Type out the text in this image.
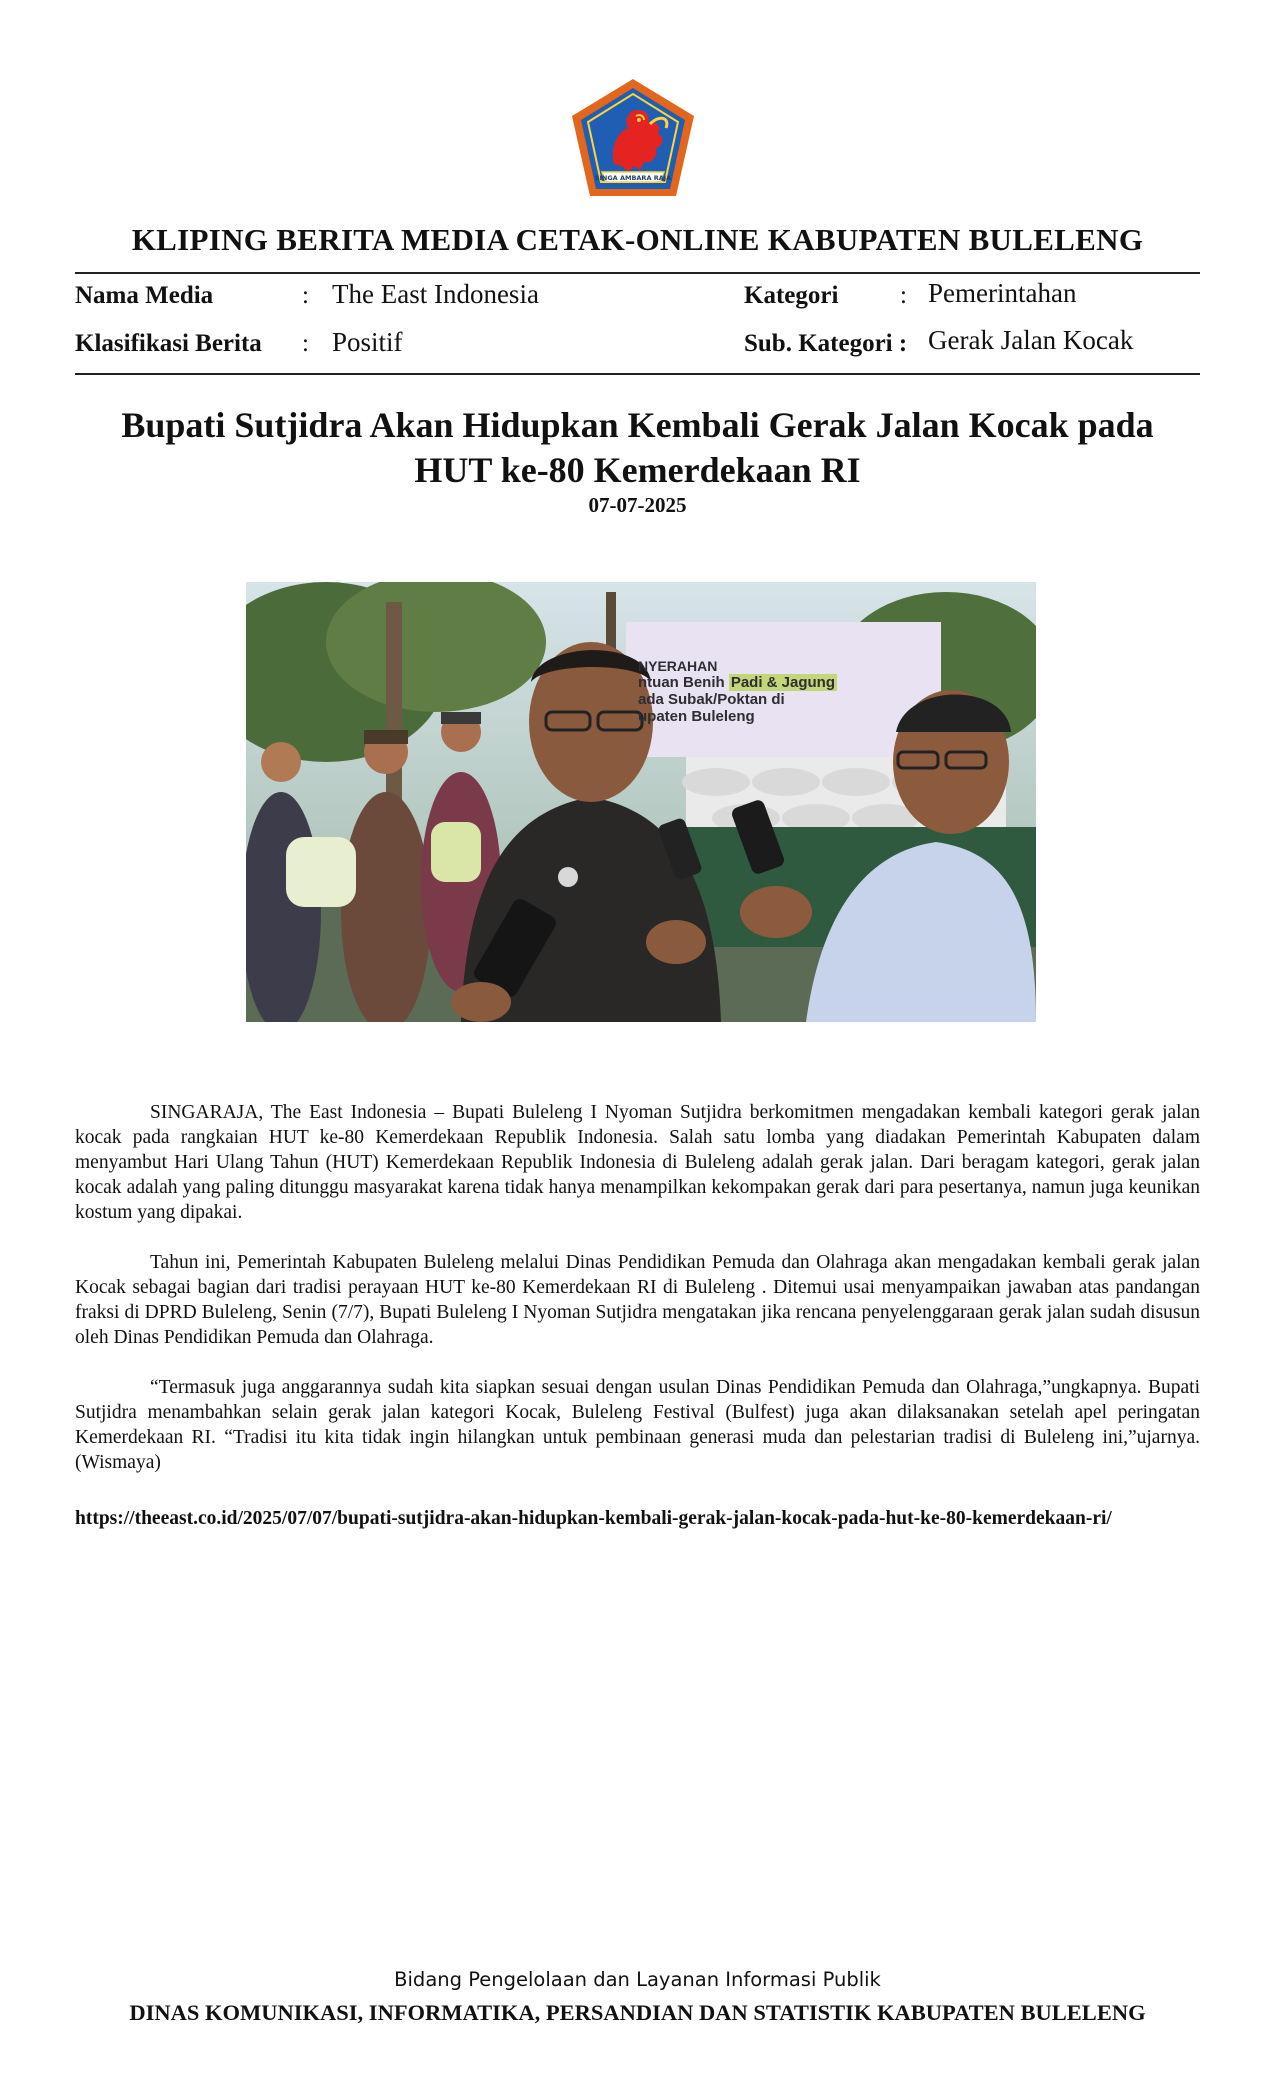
SINGA AMBARA RAJA
KLIPING BERITA MEDIA CETAK-ONLINE KABUPATEN BULELENG
Nama Media	: The East Indonesia
Klasifikasi Berita : Positif
Kategori : Pemerintahan
Sub. Kategori : Gerak Jalan Kocak
Bupati Sutjidra Akan Hidupkan Kembali Gerak Jalan Kocak pada
HUT ke-80 Kemerdekaan RI
07-07-2025
NYERAHAN
ntuan Benih Padi & Jagung
ada Subak/Poktan di
upaten Buleleng

SINGARAJA, The East Indonesia – Bupati Buleleng I Nyoman Sutjidra berkomitmen mengadakan kembali kategori gerak jalan kocak pada rangkaian HUT ke-80 Kemerdekaan Republik Indonesia. Salah satu lomba yang diadakan Pemerintah Kabupaten dalam menyambut Hari Ulang Tahun (HUT) Kemerdekaan Republik Indonesia di Buleleng adalah gerak jalan. Dari beragam kategori, gerak jalan kocak adalah yang paling ditunggu masyarakat karena tidak hanya menampilkan kekompakan gerak dari para pesertanya, namun juga keunikan kostum yang dipakai.

Tahun ini, Pemerintah Kabupaten Buleleng melalui Dinas Pendidikan Pemuda dan Olahraga akan mengadakan kembali gerak jalan Kocak sebagai bagian dari tradisi perayaan HUT ke-80 Kemerdekaan RI di Buleleng . Ditemui usai menyampaikan jawaban atas pandangan fraksi di DPRD Buleleng, Senin (7/7), Bupati Buleleng I Nyoman Sutjidra mengatakan jika rencana penyelenggaraan gerak jalan sudah disusun oleh Dinas Pendidikan Pemuda dan Olahraga.

“Termasuk juga anggarannya sudah kita siapkan sesuai dengan usulan Dinas Pendidikan Pemuda dan Olahraga,”ungkapnya. Bupati Sutjidra menambahkan selain gerak jalan kategori Kocak, Buleleng Festival (Bulfest) juga akan dilaksanakan setelah apel peringatan Kemerdekaan RI. “Tradisi itu kita tidak ingin hilangkan untuk pembinaan generasi muda dan pelestarian tradisi di Buleleng ini,”ujarnya.(Wismaya)

https://theeast.co.id/2025/07/07/bupati-sutjidra-akan-hidupkan-kembali-gerak-jalan-kocak-pada-hut-ke-80-kemerdekaan-ri/
Bidang Pengelolaan dan Layanan Informasi Publik
DINAS KOMUNIKASI, INFORMATIKA, PERSANDIAN DAN STATISTIK KABUPATEN BULELENG
